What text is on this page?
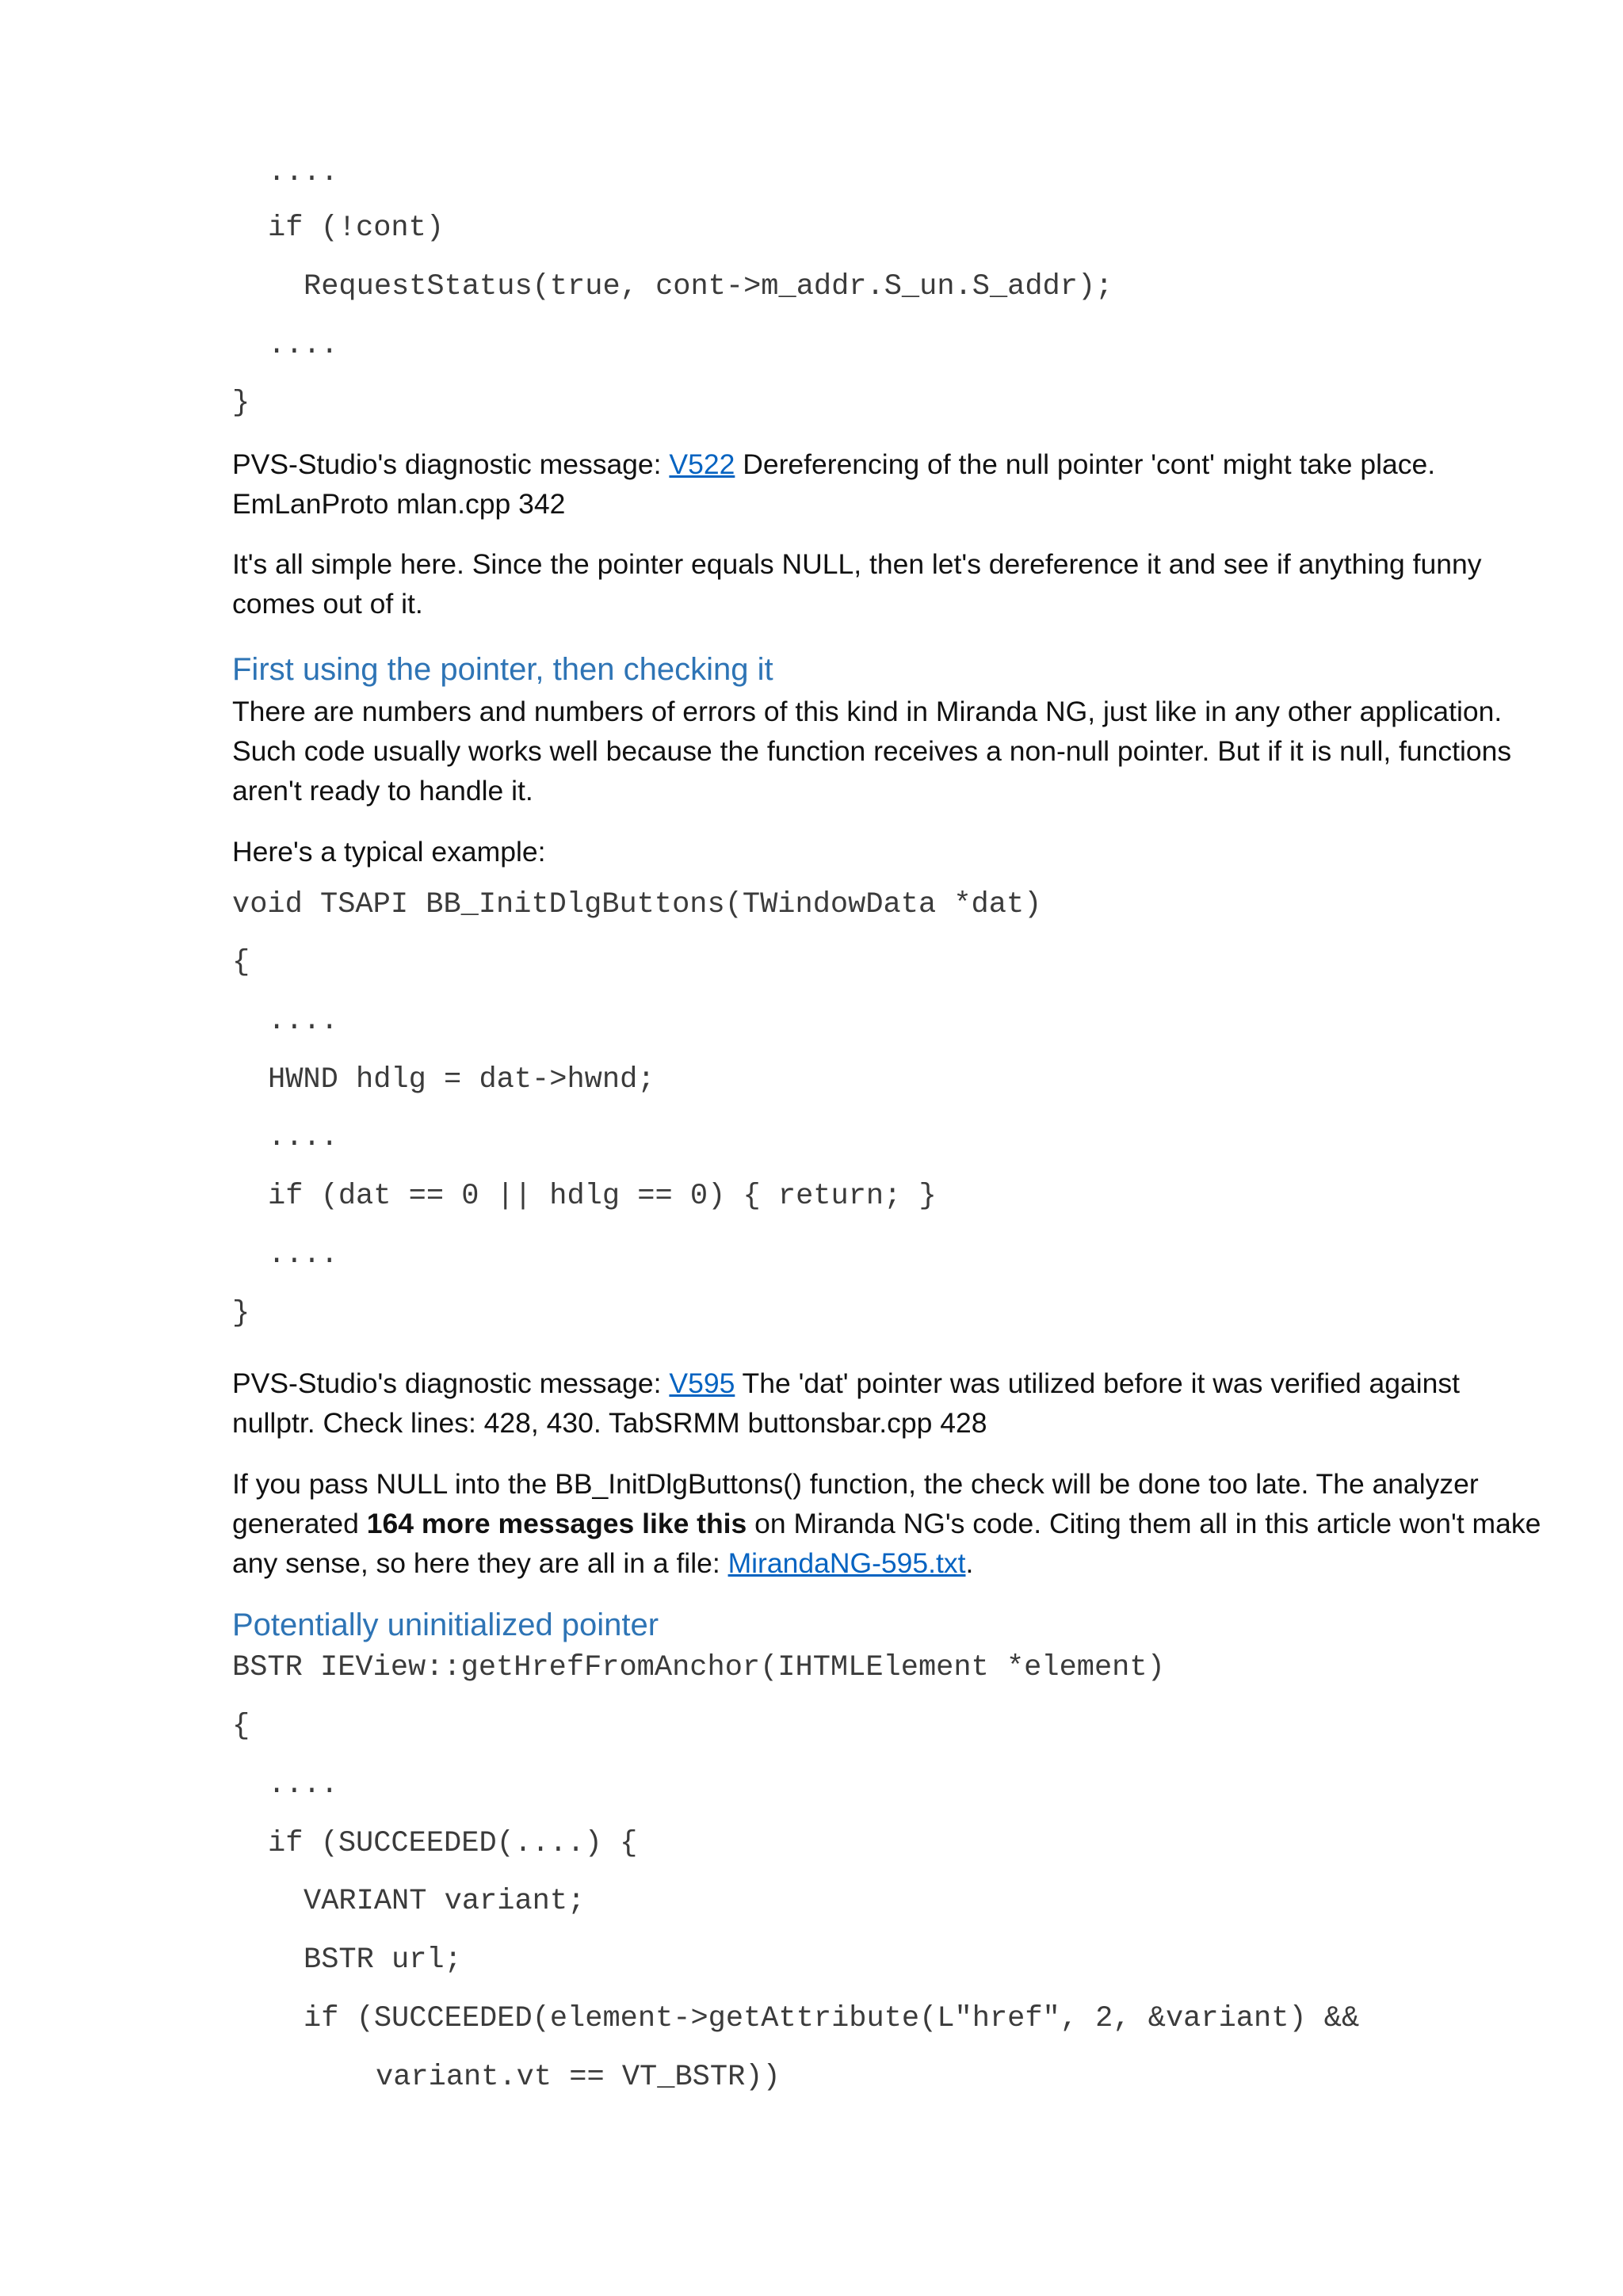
....
if (!cont)
RequestStatus(true, cont->m_addr.S_un.S_addr);
....
}

PVS-Studio's diagnostic message: V522 Dereferencing of the null pointer 'cont' might take place.
EmLanProto mlan.cpp 342

It's all simple here. Since the pointer equals NULL, then let's dereference it and see if anything funny
comes out of it.

First using the pointer, then checking it

There are numbers and numbers of errors of this kind in Miranda NG, just like in any other application.
Such code usually works well because the function receives a non-null pointer. But if it is null, functions
aren't ready to handle it.

Here's a typical example:

void TSAPI BB_InitDlgButtons(TWindowData *dat)
{
....
HWND hdlg = dat->hwnd;
....
if (dat == 0 || hdlg == 0) { return; }
....
}

PVS-Studio's diagnostic message: V595 The 'dat' pointer was utilized before it was verified against
nullptr. Check lines: 428, 430. TabSRMM buttonsbar.cpp 428

If you pass NULL into the BB_InitDlgButtons() function, the check will be done too late. The analyzer
generated 164 more messages like this on Miranda NG's code. Citing them all in this article won't make
any sense, so here they are all in a file: MirandaNG-595.txt.

Potentially uninitialized pointer
BSTR IEView::getHrefFromAnchor(IHTMLElement *element)
{
....
if (SUCCEEDED(....) {
VARIANT variant;
BSTR url;
if (SUCCEEDED(element->getAttribute(L"href", 2, &variant) &&
variant.vt == VT_BSTR))
